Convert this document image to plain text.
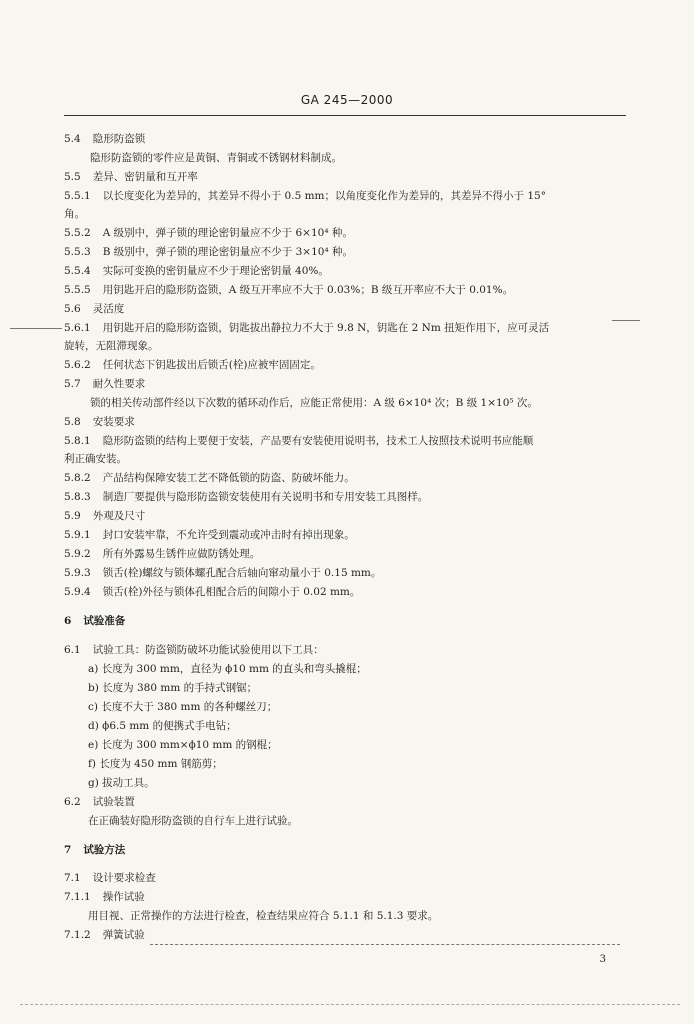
GA 245—2000
5.4 隐形防盗锁
隐形防盗锁的零件应是黄铜、青铜或不锈钢材料制成。
5.5 差异、密钥量和互开率
5.5.1 以长度变化为差异的，其差异不得小于 0.5 mm；以角度变化作为差异的，其差异不得小于 15°
角。
5.5.2 A 级别中，弹子锁的理论密钥量应不少于 6×10⁴ 种。
5.5.3 B 级别中，弹子锁的理论密钥量应不少于 3×10⁴ 种。
5.5.4 实际可变换的密钥量应不少于理论密钥量 40%。
5.5.5 用钥匙开启的隐形防盗锁，A 级互开率应不大于 0.03%；B 级互开率应不大于 0.01%。
5.6 灵活度
5.6.1 用钥匙开启的隐形防盗锁，钥匙拔出静拉力不大于 9.8 N，钥匙在 2 Nm 扭矩作用下，应可灵活
旋转，无阻滞现象。
5.6.2 任何状态下钥匙拔出后锁舌(栓)应被牢固固定。
5.7 耐久性要求
锁的相关传动部件经以下次数的循环动作后，应能正常使用：A 级 6×10⁴ 次；B 级 1×10⁵ 次。
5.8 安装要求
5.8.1 隐形防盗锁的结构上要便于安装，产品要有安装使用说明书，技术工人按照技术说明书应能顺
利正确安装。
5.8.2 产品结构保障安装工艺不降低锁的防盗、防破坏能力。
5.8.3 制造厂要提供与隐形防盗锁安装使用有关说明书和专用安装工具图样。
5.9 外观及尺寸
5.9.1 封口安装牢靠，不允许受到震动或冲击时有掉出现象。
5.9.2 所有外露易生锈件应做防锈处理。
5.9.3 锁舌(栓)螺纹与锁体螺孔配合后轴向窜动量小于 0.15 mm。
5.9.4 锁舌(栓)外径与锁体孔相配合后的间隙小于 0.02 mm。
6 试验准备
6.1 试验工具：防盗锁防破坏功能试验使用以下工具：
a) 长度为 300 mm，直径为 ϕ10 mm 的直头和弯头撬棍；
b) 长度为 380 mm 的手持式钢锯；
c) 长度不大于 380 mm 的各种螺丝刀；
d) ϕ6.5 mm 的便携式手电钻；
e) 长度为 300 mm×ϕ10 mm 的钢棍；
f) 长度为 450 mm 钢筋剪；
g) 拔动工具。
6.2 试验装置
在正确装好隐形防盗锁的自行车上进行试验。
7 试验方法
7.1 设计要求检查
7.1.1 操作试验
用目视、正常操作的方法进行检查，检查结果应符合 5.1.1 和 5.1.3 要求。
7.1.2 弹簧试验
3
